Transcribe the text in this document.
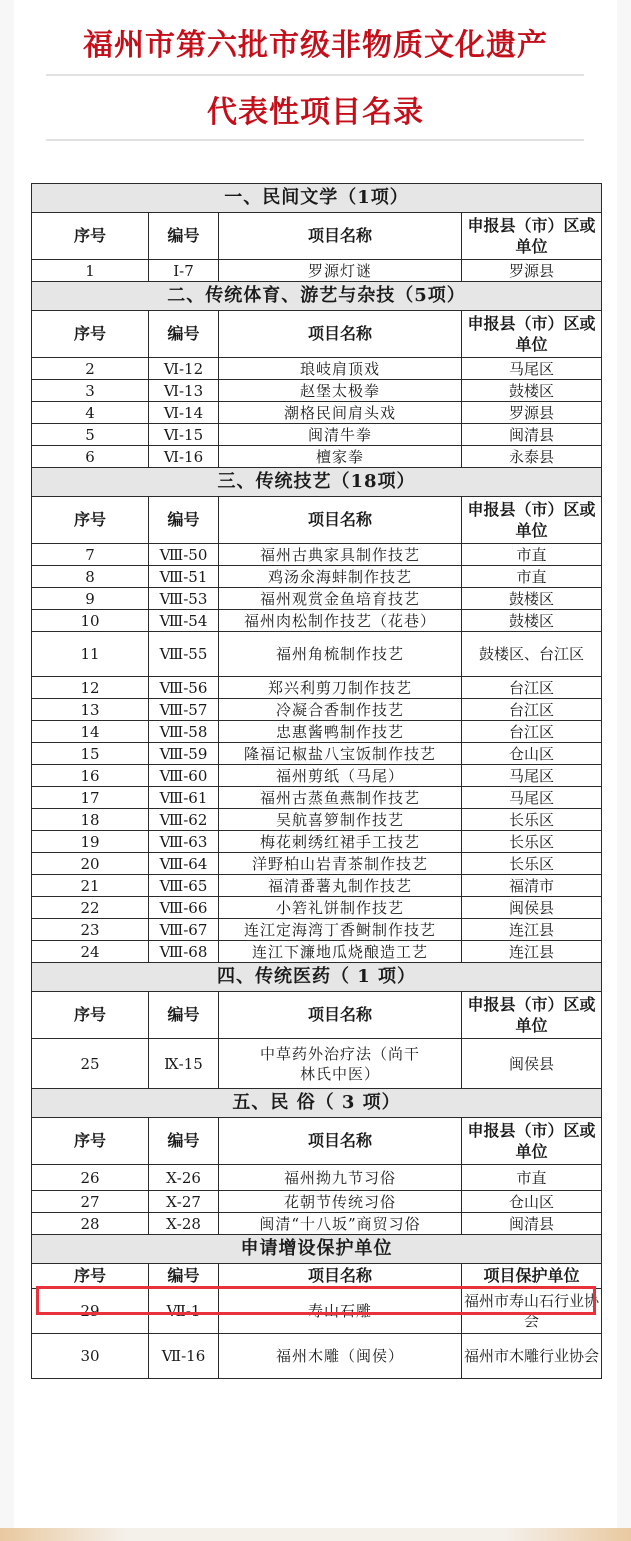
福州市第六批市级非物质文化遗产
代表性项目名录
一、民间文学（1项）			
序号	编号	项目名称	申报县（市）区或单位
1	Ⅰ-7	罗源灯谜	罗源县
二、传统体育、游艺与杂技（5项）			
序号	编号	项目名称	申报县（市）区或单位
2	Ⅵ-12	琅岐肩顶戏	马尾区
3	Ⅵ-13	赵堡太极拳	鼓楼区
4	Ⅵ-14	潮格民间肩头戏	罗源县
5	Ⅵ-15	闽清牛拳	闽清县
6	Ⅵ-16	檀家拳	永泰县
三、传统技艺（18项）			
序号	编号	项目名称	申报县（市）区或单位
7	Ⅷ-50	福州古典家具制作技艺	市直
8	Ⅷ-51	鸡汤氽海蚌制作技艺	市直
9	Ⅷ-53	福州观赏金鱼培育技艺	鼓楼区
10	Ⅷ-54	福州肉松制作技艺（花巷）	鼓楼区
11	Ⅷ-55	福州角梳制作技艺	鼓楼区、台江区
12	Ⅷ-56	郑兴利剪刀制作技艺	台江区
13	Ⅷ-57	冷凝合香制作技艺	台江区
14	Ⅷ-58	忠惠酱鸭制作技艺	台江区
15	Ⅷ-59	隆福记椒盐八宝饭制作技艺	仓山区
16	Ⅷ-60	福州剪纸（马尾）	马尾区
17	Ⅷ-61	福州古蒸鱼燕制作技艺	马尾区
18	Ⅷ-62	吴航喜箩制作技艺	长乐区
19	Ⅷ-63	梅花刺绣红裙手工技艺	长乐区
20	Ⅷ-64	洋野柏山岩青茶制作技艺	长乐区
21	Ⅷ-65	福清番薯丸制作技艺	福清市
22	Ⅷ-66	小箬礼饼制作技艺	闽侯县
23	Ⅷ-67	连江定海湾丁香鲥制作技艺	连江县
24	Ⅷ-68	连江下濂地瓜烧酿造工艺	连江县
四、传统医药（ 1 项）			
序号	编号	项目名称	申报县（市）区或单位
25	Ⅸ-15	中草药外治疗法（尚干林氏中医）	闽侯县
五、民 俗（ 3 项）			
序号	编号	项目名称	申报县（市）区或单位
26	Ⅹ-26	福州拗九节习俗	市直
27	Ⅹ-27	花朝节传统习俗	仓山区
28	Ⅹ-28	闽清“十八坂”商贸习俗	闽清县
申请增设保护单位			
序号	编号	项目名称	项目保护单位
29	Ⅶ-1	寿山石雕	福州市寿山石行业协会
30	Ⅶ-16	福州木雕（闽侯）	福州市木雕行业协会
